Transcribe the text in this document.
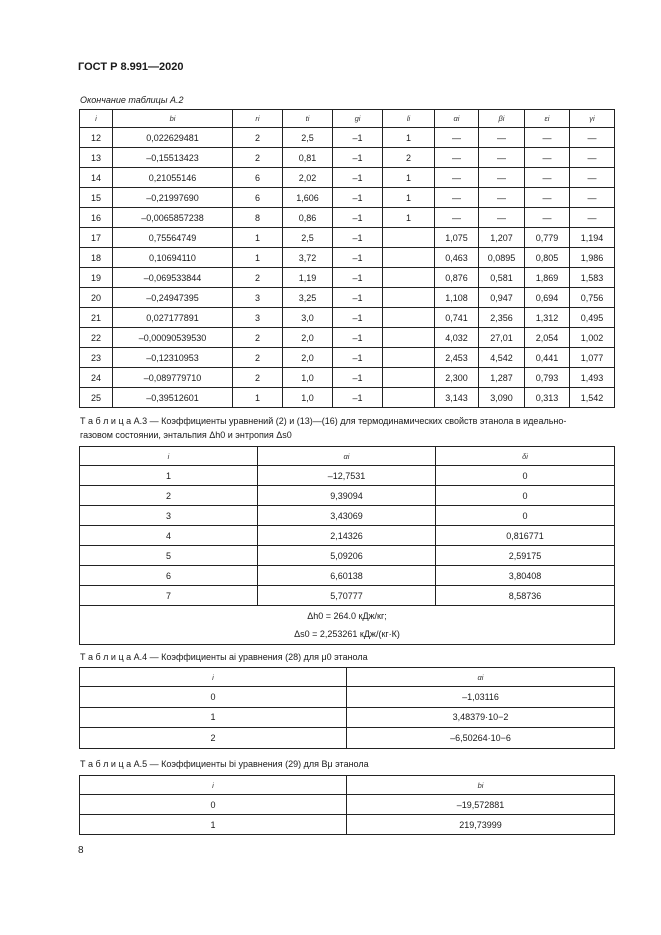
ГОСТ Р 8.991—2020
Окончание таблицы А.2
i	bi	ri	ti	gi	li	αi	βi	εi	γi
12	0,022629481	2	2,5	–1	1	—	—	—	—
13	–0,15513423	2	0,81	–1	2	—	—	—	—
14	0,21055146	6	2,02	–1	1	—	—	—	—
15	–0,21997690	6	1,606	–1	1	—	—	—	—
16	–0,0065857238	8	0,86	–1	1	—	—	—	—
17	0,75564749	1	2,5	–1		1,075	1,207	0,779	1,194
18	0,10694110	1	3,72	–1		0,463	0,0895	0,805	1,986
19	–0,069533844	2	1,19	–1		0,876	0,581	1,869	1,583
20	–0,24947395	3	3,25	–1		1,108	0,947	0,694	0,756
21	0,027177891	3	3,0	–1		0,741	2,356	1,312	0,495
22	–0,00090539530	2	2,0	–1		4,032	27,01	2,054	1,002
23	–0,12310953	2	2,0	–1		2,453	4,542	0,441	1,077
24	–0,089779710	2	1,0	–1		2,300	1,287	0,793	1,493
25	–0,39512601	1	1,0	–1		3,143	3,090	0,313	1,542
Т а б л и ц а А.3 — Коэффициенты уравнений (2) и (13)—(16) для термодинамических свойств этанола в идеально-
газовом состоянии, энтальпия Δh0 и энтропия Δs0
i	αi	δi
1	–12,7531	0
2	9,39094	0
3	3,43069	0
4	2,14326	0,816771
5	5,09206	2,59175
6	6,60138	3,80408
7	5,70777	8,58736

Δh0 = 264.0 кДж/кг;
Δs0 = 2,253261 кДж/(кг·К)		
Т а б л и ц а А.4 — Коэффициенты ai уравнения (28) для μ0 этанола
i	αi
0	–1,03116
1	3,48379·10−2
2	–6,50264·10−6
Т а б л и ц а А.5 — Коэффициенты bi уравнения (29) для Bμ этанола
i	bi
0	–19,572881
1	219,73999
8
